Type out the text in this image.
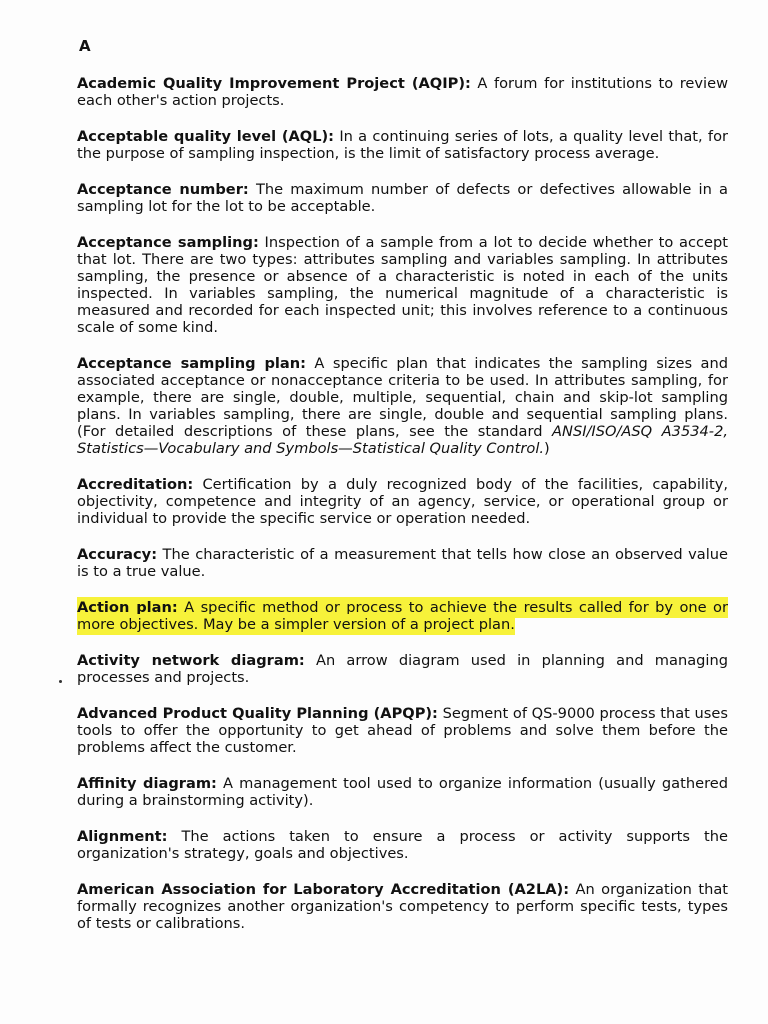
A

Academic Quality Improvement Project (AQIP): A forum for institutions to review each other's action projects.

Acceptable quality level (AQL): In a continuing series of lots, a quality level that, for the purpose of sampling inspection, is the limit of satisfactory process average.

Acceptance number: The maximum number of defects or defectives allowable in a sampling lot for the lot to be acceptable.

Acceptance sampling: Inspection of a sample from a lot to decide whether to accept that lot. There are two types: attributes sampling and variables sampling. In attributes sampling, the presence or absence of a characteristic is noted in each of the units inspected. In variables sampling, the numerical magnitude of a characteristic is measured and recorded for each inspected unit; this involves reference to a continuous scale of some kind.

Acceptance sampling plan: A specific plan that indicates the sampling sizes and associated acceptance or nonacceptance criteria to be used. In attributes sampling, for example, there are single, double, multiple, sequential, chain and skip-lot sampling plans. In variables sampling, there are single, double and sequential sampling plans. (For detailed descriptions of these plans, see the standard ANSI/ISO/ASQ A3534-2, Statistics—Vocabulary and Symbols—Statistical Quality Control.)

Accreditation: Certification by a duly recognized body of the facilities, capability, objectivity, competence and integrity of an agency, service, or operational group or individual to provide the specific service or operation needed.

Accuracy: The characteristic of a measurement that tells how close an observed value is to a true value.

Action plan: A specific method or process to achieve the results called for by one or more objectives. May be a simpler version of a project plan.

Activity network diagram: An arrow diagram used in planning and managing processes and projects.

Advanced Product Quality Planning (APQP): Segment of QS-9000 process that uses tools to offer the opportunity to get ahead of problems and solve them before the problems affect the customer.

Affinity diagram: A management tool used to organize information (usually gathered during a brainstorming activity).

Alignment: The actions taken to ensure a process or activity supports the organization's strategy, goals and objectives.

American Association for Laboratory Accreditation (A2LA): An organization that formally recognizes another organization's competency to perform specific tests, types of tests or calibrations.
